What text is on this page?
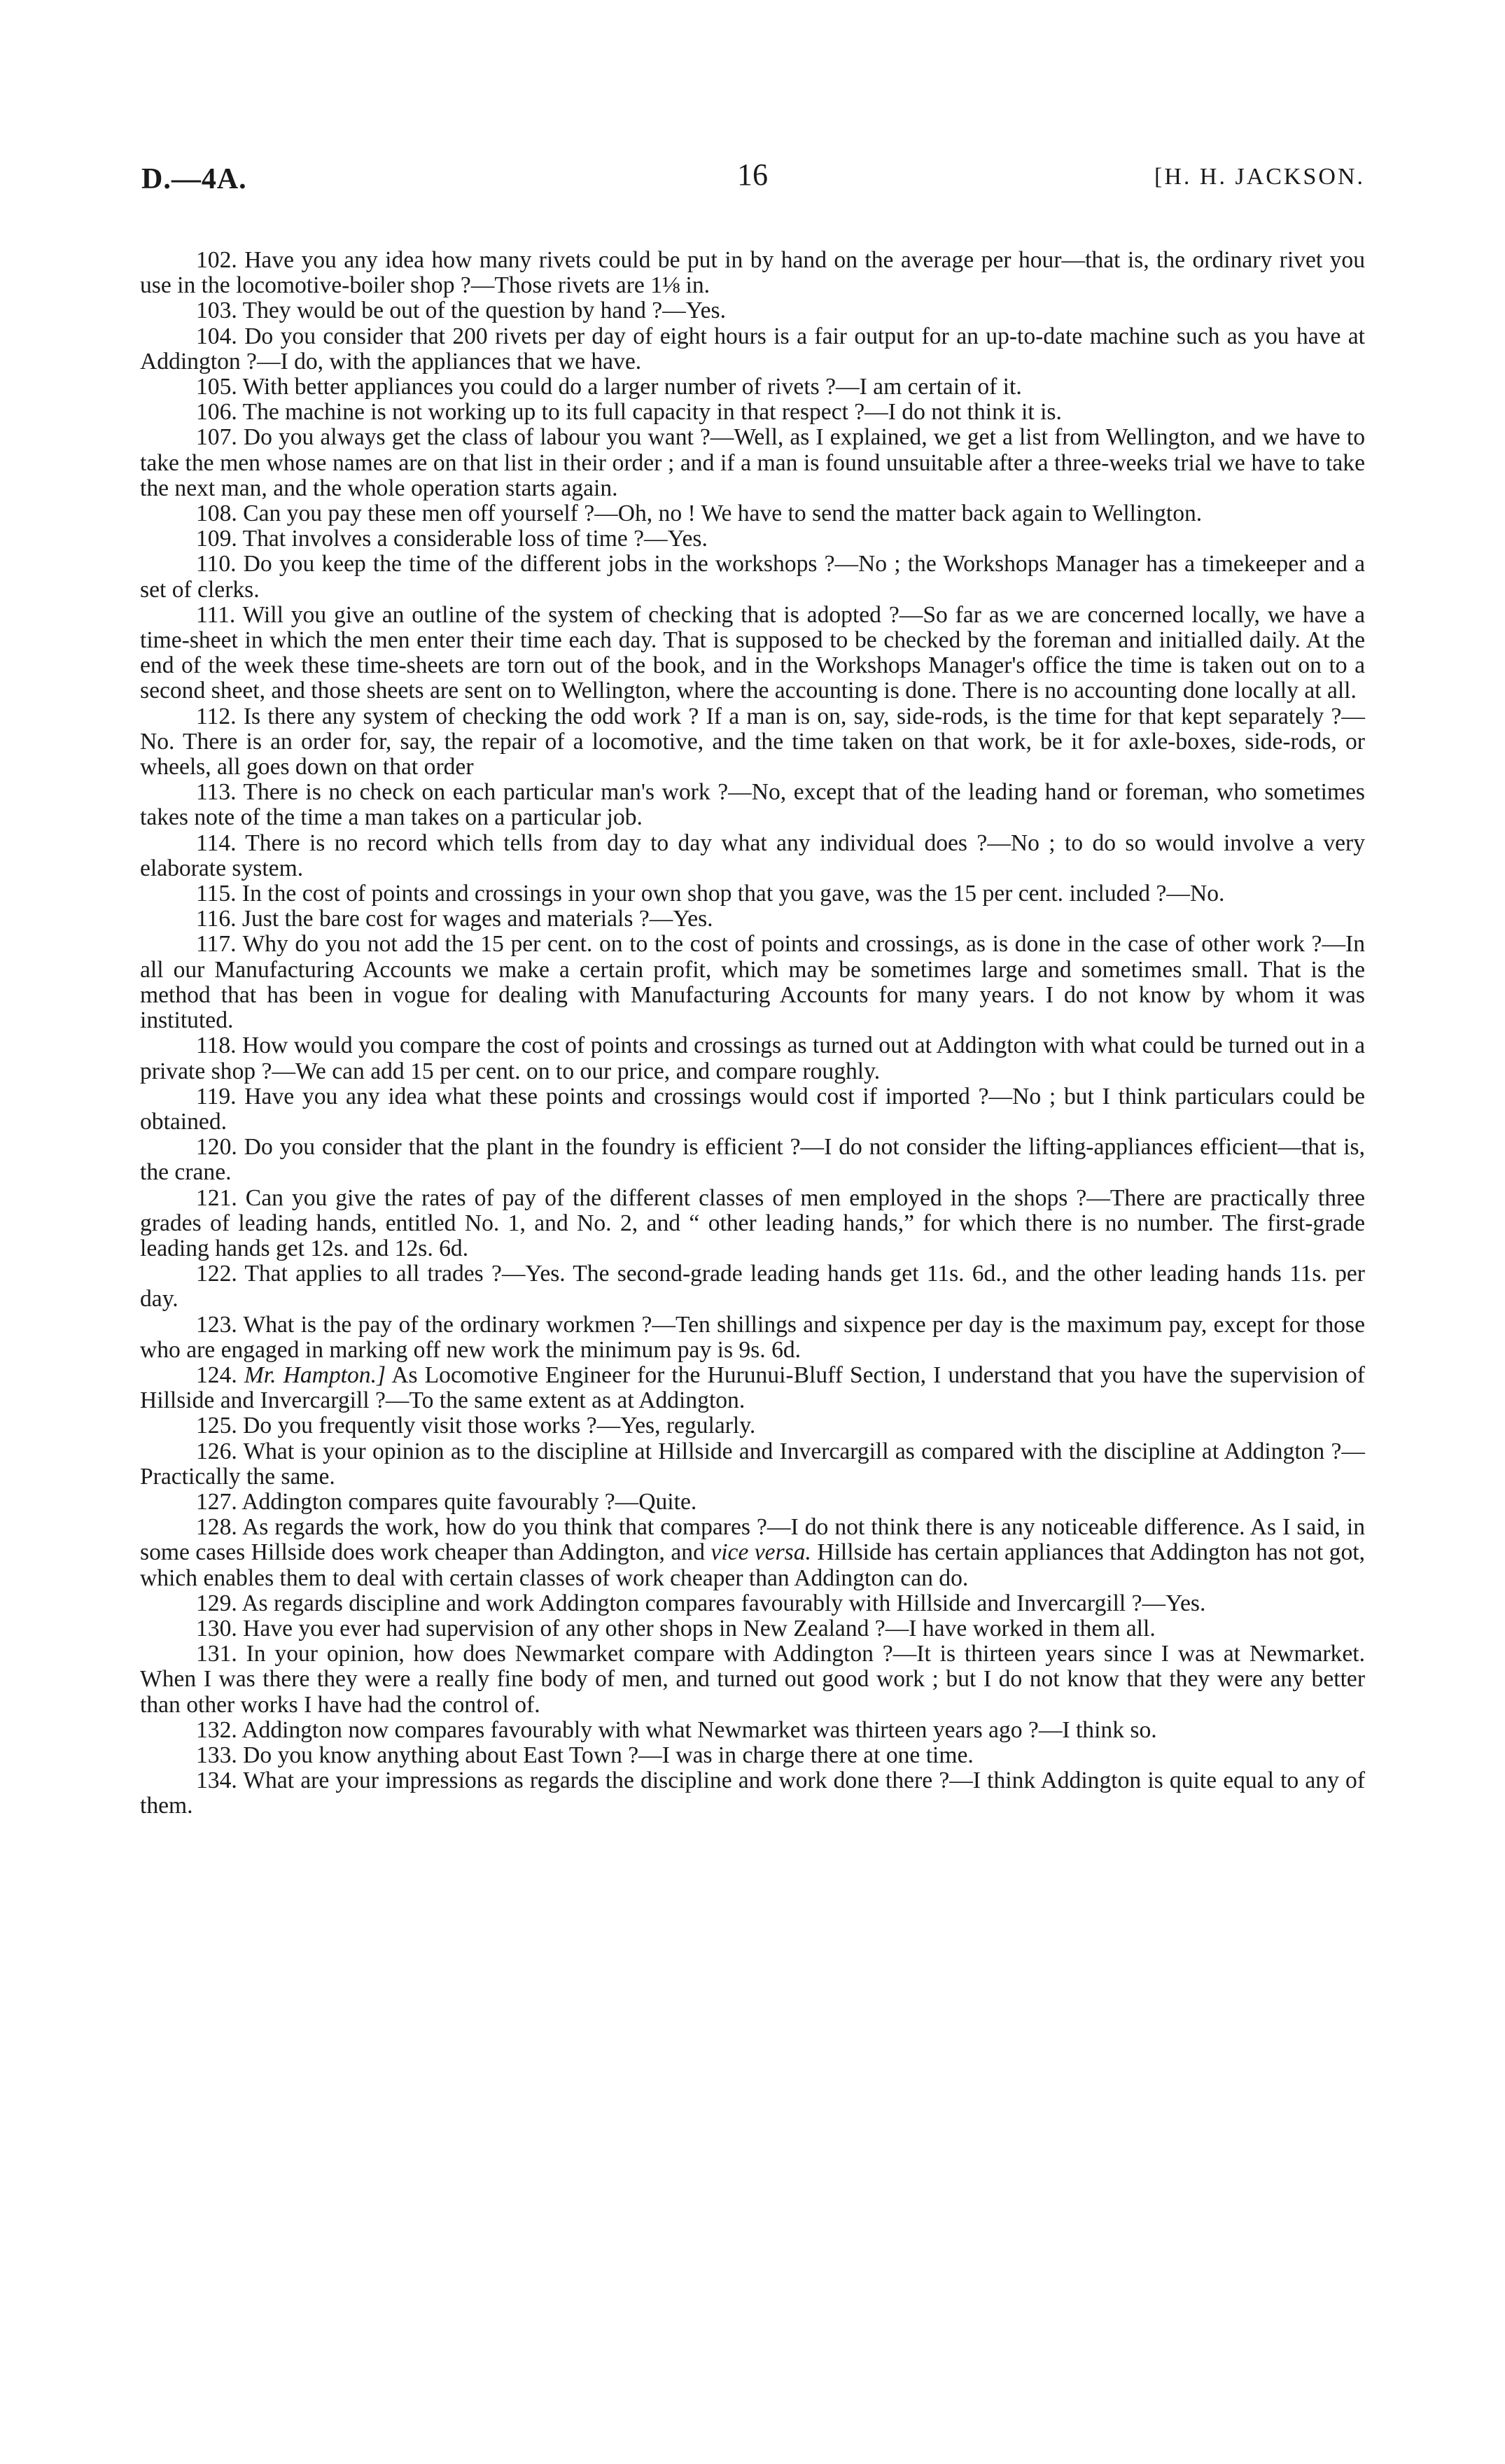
D.—4A.	16	[H. H. JACKSON.
102. Have you any idea how many rivets could be put in by hand on the average per hour—that is, the ordinary rivet you use in the locomotive-boiler shop ?—Those rivets are 1⅛ in.
103. They would be out of the question by hand ?—Yes.
104. Do you consider that 200 rivets per day of eight hours is a fair output for an up-to-date machine such as you have at Addington ?—I do, with the appliances that we have.
105. With better appliances you could do a larger number of rivets ?—I am certain of it.
106. The machine is not working up to its full capacity in that respect ?—I do not think it is.
107. Do you always get the class of labour you want ?—Well, as I explained, we get a list from Wellington, and we have to take the men whose names are on that list in their order ; and if a man is found unsuitable after a three-weeks trial we have to take the next man, and the whole operation starts again.
108. Can you pay these men off yourself ?—Oh, no ! We have to send the matter back again to Wellington.
109. That involves a considerable loss of time ?—Yes.
110. Do you keep the time of the different jobs in the workshops ?—No ; the Workshops Manager has a timekeeper and a set of clerks.
111. Will you give an outline of the system of checking that is adopted ?—So far as we are concerned locally, we have a time-sheet in which the men enter their time each day. That is supposed to be checked by the foreman and initialled daily. At the end of the week these time-sheets are torn out of the book, and in the Workshops Manager's office the time is taken out on to a second sheet, and those sheets are sent on to Wellington, where the accounting is done. There is no accounting done locally at all.
112. Is there any system of checking the odd work ? If a man is on, say, side-rods, is the time for that kept separately ?—No. There is an order for, say, the repair of a locomotive, and the time taken on that work, be it for axle-boxes, side-rods, or wheels, all goes down on that order
113. There is no check on each particular man's work ?—No, except that of the leading hand or foreman, who sometimes takes note of the time a man takes on a particular job.
114. There is no record which tells from day to day what any individual does ?—No ; to do so would involve a very elaborate system.
115. In the cost of points and crossings in your own shop that you gave, was the 15 per cent. included ?—No.
116. Just the bare cost for wages and materials ?—Yes.
117. Why do you not add the 15 per cent. on to the cost of points and crossings, as is done in the case of other work ?—In all our Manufacturing Accounts we make a certain profit, which may be sometimes large and sometimes small. That is the method that has been in vogue for dealing with Manufacturing Accounts for many years. I do not know by whom it was instituted.
118. How would you compare the cost of points and crossings as turned out at Addington with what could be turned out in a private shop ?—We can add 15 per cent. on to our price, and compare roughly.
119. Have you any idea what these points and crossings would cost if imported ?—No ; but I think particulars could be obtained.
120. Do you consider that the plant in the foundry is efficient ?—I do not consider the lifting-appliances efficient—that is, the crane.
121. Can you give the rates of pay of the different classes of men employed in the shops ?—There are practically three grades of leading hands, entitled No. 1, and No. 2, and “ other leading hands,” for which there is no number. The first-grade leading hands get 12s. and 12s. 6d.
122. That applies to all trades ?—Yes. The second-grade leading hands get 11s. 6d., and the other leading hands 11s. per day.
123. What is the pay of the ordinary workmen ?—Ten shillings and sixpence per day is the maximum pay, except for those who are engaged in marking off new work the minimum pay is 9s. 6d.
124. Mr. Hampton.] As Locomotive Engineer for the Hurunui-Bluff Section, I understand that you have the supervision of Hillside and Invercargill ?—To the same extent as at Addington.
125. Do you frequently visit those works ?—Yes, regularly.
126. What is your opinion as to the discipline at Hillside and Invercargill as compared with the discipline at Addington ?—Practically the same.
127. Addington compares quite favourably ?—Quite.
128. As regards the work, how do you think that compares ?—I do not think there is any noticeable difference. As I said, in some cases Hillside does work cheaper than Addington, and vice versa. Hillside has certain appliances that Addington has not got, which enables them to deal with certain classes of work cheaper than Addington can do.
129. As regards discipline and work Addington compares favourably with Hillside and Invercargill ?—Yes.
130. Have you ever had supervision of any other shops in New Zealand ?—I have worked in them all.
131. In your opinion, how does Newmarket compare with Addington ?—It is thirteen years since I was at Newmarket. When I was there they were a really fine body of men, and turned out good work ; but I do not know that they were any better than other works I have had the control of.
132. Addington now compares favourably with what Newmarket was thirteen years ago ?—I think so.
133. Do you know anything about East Town ?—I was in charge there at one time.
134. What are your impressions as regards the discipline and work done there ?—I think Addington is quite equal to any of them.
